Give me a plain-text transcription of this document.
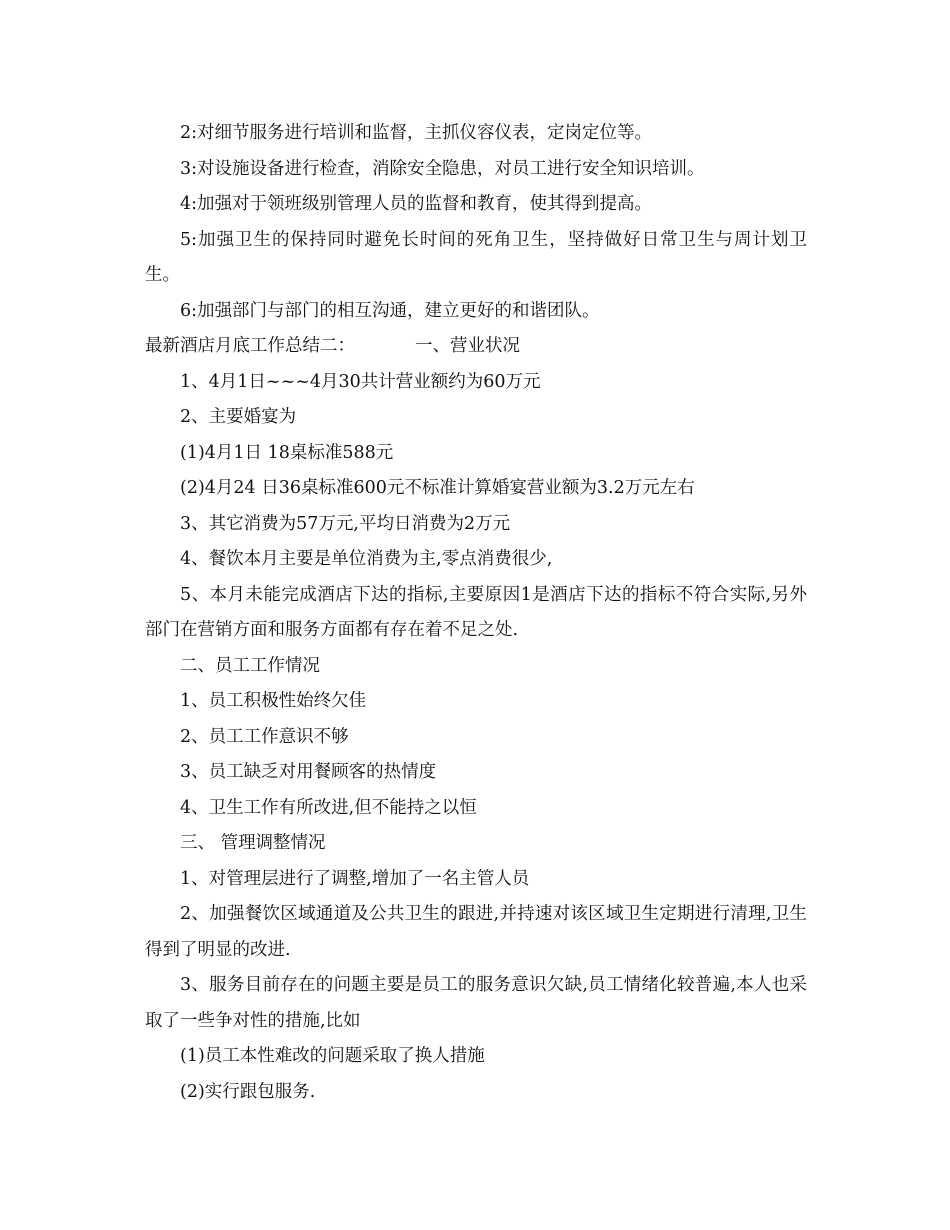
2:对细节服务进行培训和监督，主抓仪容仪表，定岗定位等。

3:对设施设备进行检查，消除安全隐患，对员工进行安全知识培训。

4:加强对于领班级别管理人员的监督和教育，使其得到提高。

5:加强卫生的保持同时避免长时间的死角卫生，坚持做好日常卫生与周计划卫生。

6:加强部门与部门的相互沟通，建立更好的和谐团队。

最新酒店月底工作总结二：	一、营业状况

1、4月1日~~~4月30共计营业额约为60万元

2、主要婚宴为

(1)4月1日 18桌标准588元

(2)4月24 日36桌标准600元不标准计算婚宴营业额为3.2万元左右

3、其它消费为57万元,平均日消费为2万元

4、餐饮本月主要是单位消费为主,零点消费很少,

5、本月未能完成酒店下达的指标,主要原因1是酒店下达的指标不符合实际,另外部门在营销方面和服务方面都有存在着不足之处.

二、员工工作情况

1、员工积极性始终欠佳

2、员工工作意识不够

3、员工缺乏对用餐顾客的热情度

4、卫生工作有所改进,但不能持之以恒

三、 管理调整情况

1、对管理层进行了调整,增加了一名主管人员

2、加强餐饮区域通道及公共卫生的跟进,并持速对该区域卫生定期进行清理,卫生得到了明显的改进.

3、服务目前存在的问题主要是员工的服务意识欠缺,员工情绪化较普遍,本人也采取了一些争对性的措施,比如

(1)员工本性难改的问题采取了换人措施

(2)实行跟包服务.
